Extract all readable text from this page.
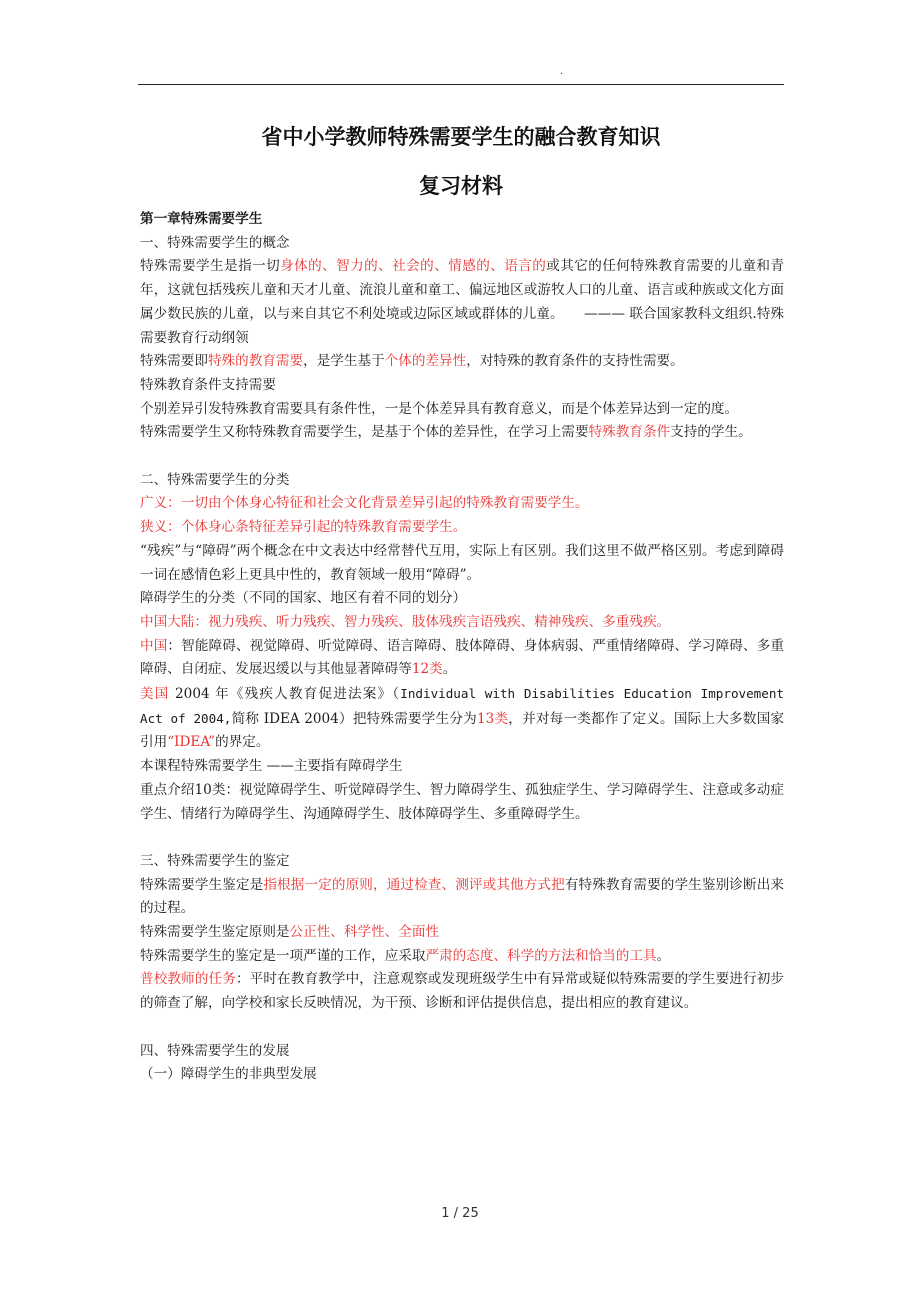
.
省中小学教师特殊需要学生的融合教育知识
复习材料

第一章特殊需要学生

一、特殊需要学生的概念

特殊需要学生是指一切身体的、智力的、社会的、情感的、语言的或其它的任何特殊教育需要的儿童和青年，这就包括残疾儿童和天才儿童、流浪儿童和童工、偏远地区或游牧人口的儿童、语言或种族或文化方面属少数民族的儿童，以与来自其它不利处境或边际区域或群体的儿童。　　——— 联合国家教科文组织.特殊需要教育行动纲领

特殊需要即特殊的教育需要，是学生基于个体的差异性，对特殊的教育条件的支持性需要。

特殊教育条件支持需要

个别差异引发特殊教育需要具有条件性，一是个体差异具有教育意义，而是个体差异达到一定的度。

特殊需要学生又称特殊教育需要学生，是基于个体的差异性，在学习上需要特殊教育条件支持的学生。

二、特殊需要学生的分类

广义：一切由个体身心特征和社会文化背景差异引起的特殊教育需要学生。

狭义：个体身心条特征差异引起的特殊教育需要学生。

“残疾”与“障碍”两个概念在中文表达中经常替代互用，实际上有区别。我们这里不做严格区别。考虑到障碍一词在感情色彩上更具中性的，教育领域一般用“障碍”。

障碍学生的分类（不同的国家、地区有着不同的划分）

中国大陆：视力残疾、听力残疾、智力残疾、肢体残疾言语残疾、精神残疾、多重残疾。

中国：智能障碍、视觉障碍、听觉障碍、语言障碍、肢体障碍、身体病弱、严重情绪障碍、学习障碍、多重障碍、自闭症、发展迟缓以与其他显著障碍等12类。

美国 2004 年《残疾人教育促进法案》（Individual with Disabilities Education Improvement Act of 2004,简称 IDEA 2004）把特殊需要学生分为13类，并对每一类都作了定义。国际上大多数国家引用“IDEA”的界定。

本课程特殊需要学生 ——主要指有障碍学生

重点介绍10类：视觉障碍学生、听觉障碍学生、智力障碍学生、孤独症学生、学习障碍学生、注意或多动症学生、情绪行为障碍学生、沟通障碍学生、肢体障碍学生、多重障碍学生。

三、特殊需要学生的鉴定

特殊需要学生鉴定是指根据一定的原则，通过检查、测评或其他方式把有特殊教育需要的学生鉴别诊断出来的过程。

特殊需要学生鉴定原则是公正性、科学性、全面性

特殊需要学生的鉴定是一项严谨的工作，应采取严肃的态度、科学的方法和恰当的工具。

普校教师的任务：平时在教育教学中，注意观察或发现班级学生中有异常或疑似特殊需要的学生要进行初步的筛查了解，向学校和家长反映情况，为干预、诊断和评估提供信息，提出相应的教育建议。

四、特殊需要学生的发展

（一）障碍学生的非典型发展

1 / 25
